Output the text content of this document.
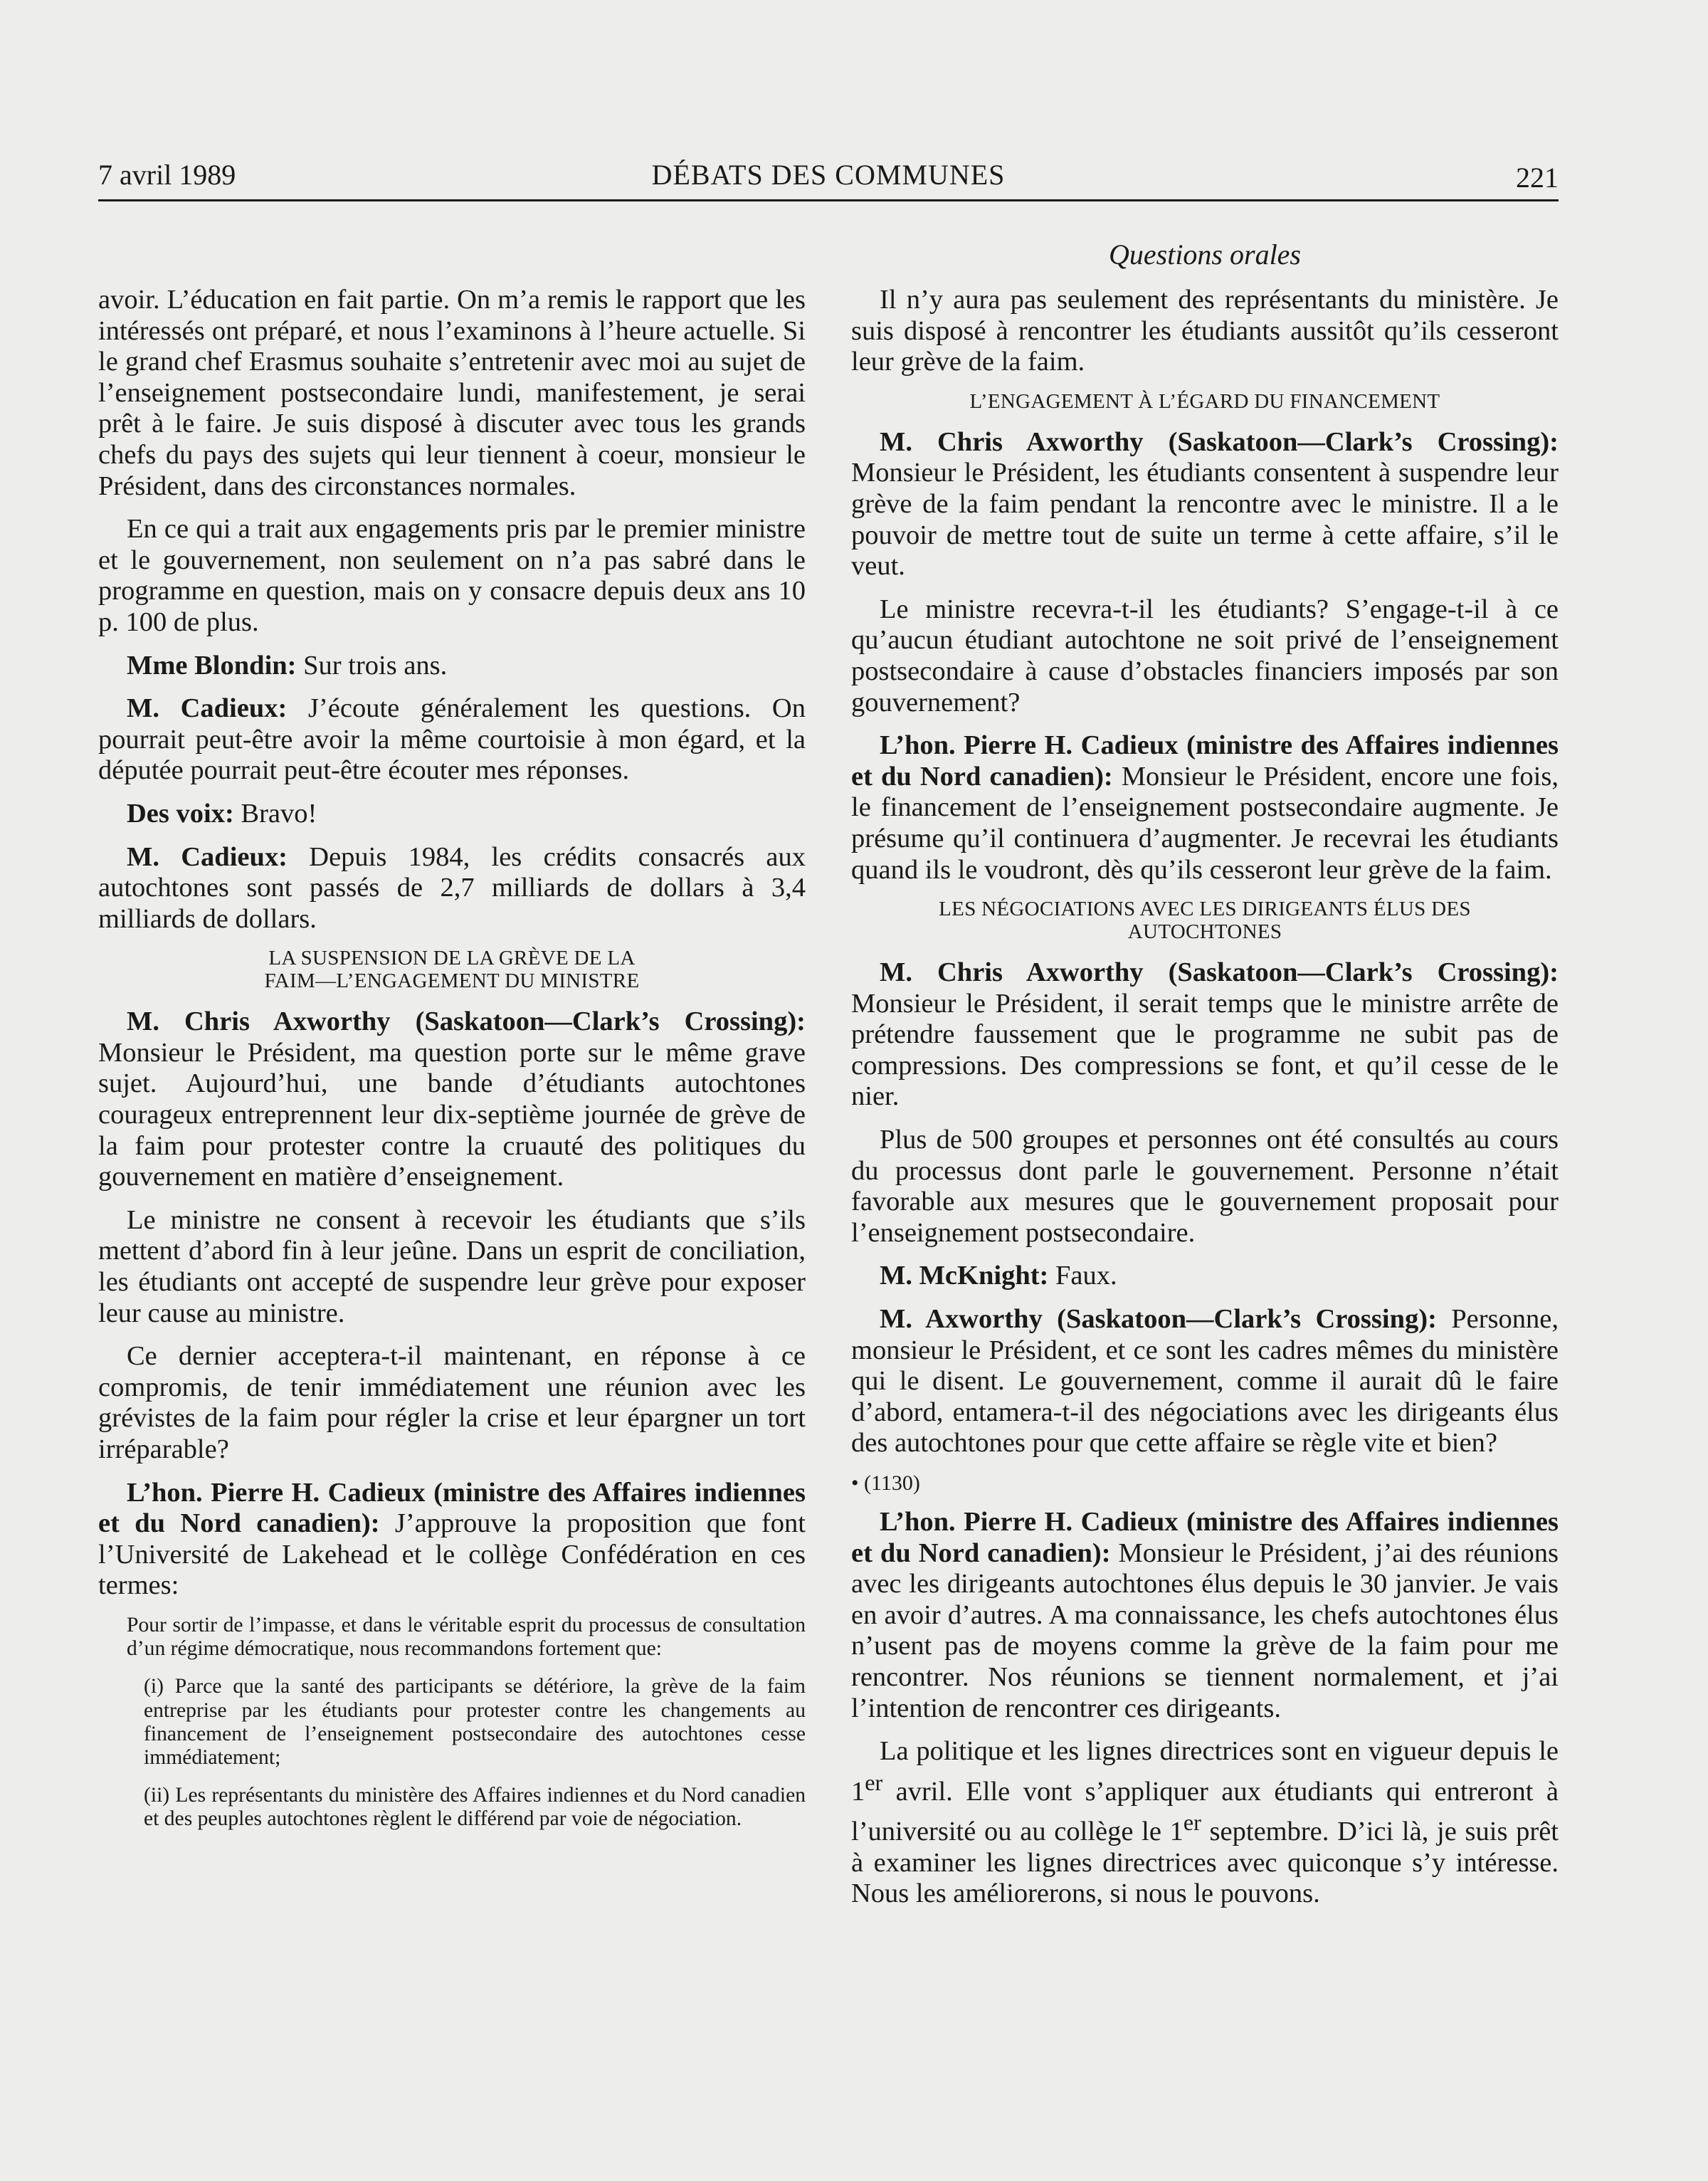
7 avril 1989	DÉBATS DES COMMUNES	221
Questions orales

avoir. L’éducation en fait partie. On m’a remis le rapport que les intéressés ont préparé, et nous l’examinons à l’heure actuelle. Si le grand chef Erasmus souhaite s’entretenir avec moi au sujet de l’enseignement postsecondaire lundi, manifestement, je serai prêt à le faire. Je suis disposé à discuter avec tous les grands chefs du pays des sujets qui leur tiennent à coeur, monsieur le Président, dans des circonstances normales.

En ce qui a trait aux engagements pris par le premier ministre et le gouvernement, non seulement on n’a pas sabré dans le programme en question, mais on y consacre depuis deux ans 10 p. 100 de plus.

Mme Blondin: Sur trois ans.

M. Cadieux: J’écoute généralement les questions. On pourrait peut-être avoir la même courtoisie à mon égard, et la députée pourrait peut-être écouter mes réponses.

Des voix: Bravo!

M. Cadieux: Depuis 1984, les crédits consacrés aux autochtones sont passés de 2,7 milliards de dollars à 3,4 milliards de dollars.

LA SUSPENSION DE LA GRÈVE DE LA
FAIM—L’ENGAGEMENT DU MINISTRE

M. Chris Axworthy (Saskatoon—Clark’s Crossing): Monsieur le Président, ma question porte sur le même grave sujet. Aujourd’hui, une bande d’étudiants autochtones courageux entreprennent leur dix-septième journée de grève de la faim pour protester contre la cruauté des politiques du gouvernement en matière d’enseignement.

Le ministre ne consent à recevoir les étudiants que s’ils mettent d’abord fin à leur jeûne. Dans un esprit de conciliation, les étudiants ont accepté de suspendre leur grève pour exposer leur cause au ministre.

Ce dernier acceptera-t-il maintenant, en réponse à ce compromis, de tenir immédiatement une réunion avec les grévistes de la faim pour régler la crise et leur épargner un tort irréparable?

L’hon. Pierre H. Cadieux (ministre des Affaires indiennes et du Nord canadien): J’approuve la proposition que font l’Université de Lakehead et le collège Confédération en ces termes:

Pour sortir de l’impasse, et dans le véritable esprit du processus de consultation d’un régime démocratique, nous recommandons fortement que:

(i) Parce que la santé des participants se détériore, la grève de la faim entreprise par les étudiants pour protester contre les changements au financement de l’enseignement postsecondaire des autochtones cesse immédiatement;

(ii) Les représentants du ministère des Affaires indiennes et du Nord canadien et des peuples autochtones règlent le différend par voie de négociation.

Il n’y aura pas seulement des représentants du ministère. Je suis disposé à rencontrer les étudiants aussitôt qu’ils cesseront leur grève de la faim.

L’ENGAGEMENT À L’ÉGARD DU FINANCEMENT

M. Chris Axworthy (Saskatoon—Clark’s Crossing): Monsieur le Président, les étudiants consentent à suspendre leur grève de la faim pendant la rencontre avec le ministre. Il a le pouvoir de mettre tout de suite un terme à cette affaire, s’il le veut.

Le ministre recevra-t-il les étudiants? S’engage-t-il à ce qu’aucun étudiant autochtone ne soit privé de l’enseignement postsecondaire à cause d’obstacles financiers imposés par son gouvernement?

L’hon. Pierre H. Cadieux (ministre des Affaires indiennes et du Nord canadien): Monsieur le Président, encore une fois, le financement de l’enseignement postsecondaire augmente. Je présume qu’il continuera d’augmenter. Je recevrai les étudiants quand ils le voudront, dès qu’ils cesseront leur grève de la faim.

LES NÉGOCIATIONS AVEC LES DIRIGEANTS ÉLUS DES
AUTOCHTONES

M. Chris Axworthy (Saskatoon—Clark’s Crossing): Monsieur le Président, il serait temps que le ministre arrête de prétendre faussement que le programme ne subit pas de compressions. Des compressions se font, et qu’il cesse de le nier.

Plus de 500 groupes et personnes ont été consultés au cours du processus dont parle le gouvernement. Personne n’était favorable aux mesures que le gouvernement proposait pour l’enseignement postsecondaire.

M. McKnight: Faux.

M. Axworthy (Saskatoon—Clark’s Crossing): Personne, monsieur le Président, et ce sont les cadres mêmes du ministère qui le disent. Le gouvernement, comme il aurait dû le faire d’abord, entamera-t-il des négociations avec les dirigeants élus des autochtones pour que cette affaire se règle vite et bien?

• (1130)

L’hon. Pierre H. Cadieux (ministre des Affaires indiennes et du Nord canadien): Monsieur le Président, j’ai des réunions avec les dirigeants autochtones élus depuis le 30 janvier. Je vais en avoir d’autres. A ma connaissance, les chefs autochtones élus n’usent pas de moyens comme la grève de la faim pour me rencontrer. Nos réunions se tiennent normalement, et j’ai l’intention de rencontrer ces dirigeants.

La politique et les lignes directrices sont en vigueur depuis le 1er avril. Elle vont s’appliquer aux étudiants qui entreront à l’université ou au collège le 1er septembre. D’ici là, je suis prêt à examiner les lignes directrices avec quiconque s’y intéresse. Nous les améliorerons, si nous le pouvons.
